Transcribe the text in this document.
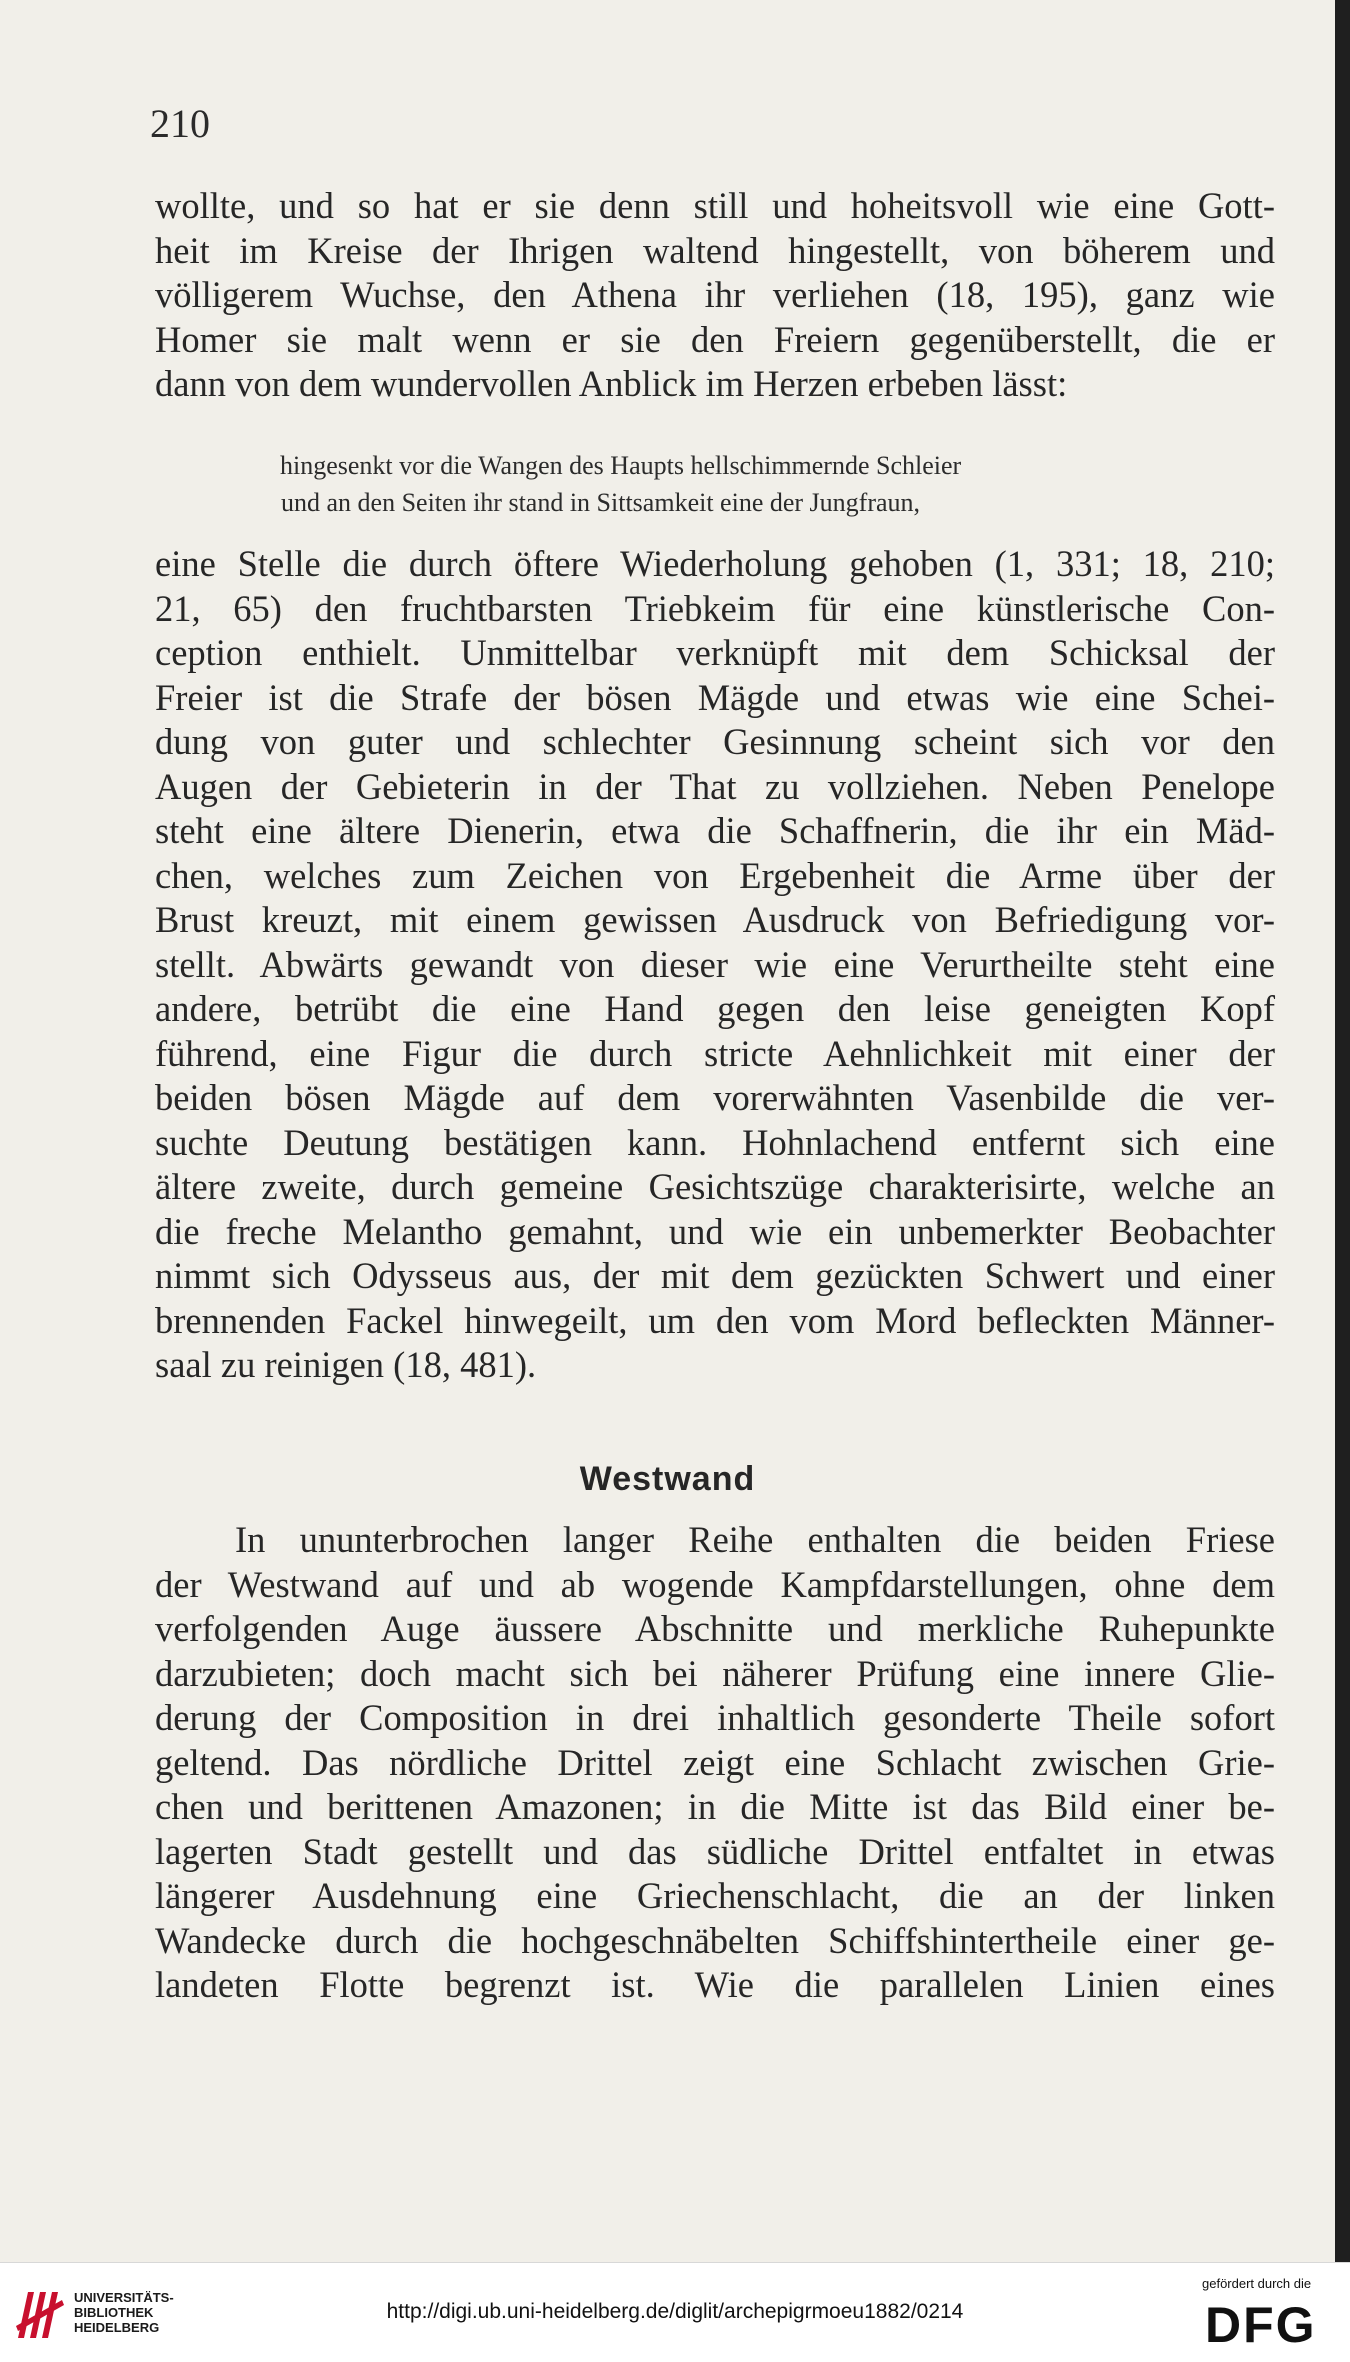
210

wollte, und so hat er sie denn still und hoheitsvoll wie eine Gott-
heit im Kreise der Ihrigen waltend hingestellt, von böherem und
völligerem Wuchse, den Athena ihr verliehen (18, 195), ganz wie
Homer sie malt wenn er sie den Freiern gegenüberstellt, die er
dann von dem wundervollen Anblick im Herzen erbeben lässt:

hingesenkt vor die Wangen des Haupts hellschimmernde Schleier
und an den Seiten ihr stand in Sittsamkeit eine der Jungfraun,

eine Stelle die durch öftere Wiederholung gehoben (1, 331; 18, 210;
21, 65) den fruchtbarsten Triebkeim für eine künstlerische Con-
ception enthielt. Unmittelbar verknüpft mit dem Schicksal der
Freier ist die Strafe der bösen Mägde und etwas wie eine Schei-
dung von guter und schlechter Gesinnung scheint sich vor den
Augen der Gebieterin in der That zu vollziehen. Neben Penelope
steht eine ältere Dienerin, etwa die Schaffnerin, die ihr ein Mäd-
chen, welches zum Zeichen von Ergebenheit die Arme über der
Brust kreuzt, mit einem gewissen Ausdruck von Befriedigung vor-
stellt. Abwärts gewandt von dieser wie eine Verurtheilte steht eine
andere, betrübt die eine Hand gegen den leise geneigten Kopf
führend, eine Figur die durch stricte Aehnlichkeit mit einer der
beiden bösen Mägde auf dem vorerwähnten Vasenbilde die ver-
suchte Deutung bestätigen kann. Hohnlachend entfernt sich eine
ältere zweite, durch gemeine Gesichtszüge charakterisirte, welche an
die freche Melantho gemahnt, und wie ein unbemerkter Beobachter
nimmt sich Odysseus aus, der mit dem gezückten Schwert und einer
brennenden Fackel hinwegeilt, um den vom Mord befleckten Männer-
saal zu reinigen (18, 481).

Westwand

In ununterbrochen langer Reihe enthalten die beiden Friese
der Westwand auf und ab wogende Kampfdarstellungen, ohne dem
verfolgenden Auge äussere Abschnitte und merkliche Ruhepunkte
darzubieten; doch macht sich bei näherer Prüfung eine innere Glie-
derung der Composition in drei inhaltlich gesonderte Theile sofort
geltend. Das nördliche Drittel zeigt eine Schlacht zwischen Grie-
chen und berittenen Amazonen; in die Mitte ist das Bild einer be-
lagerten Stadt gestellt und das südliche Drittel entfaltet in etwas
längerer Ausdehnung eine Griechenschlacht, die an der linken
Wandecke durch die hochgeschnäbelten Schiffshintertheile einer ge-
landeten Flotte begrenzt ist. Wie die parallelen Linien eines

UNIVERSITÄTS-
BIBLIOTHEK
HEIDELBERG
http://digi.ub.uni-heidelberg.de/diglit/archepigrmoeu1882/0214
gefördert durch die
DFG
